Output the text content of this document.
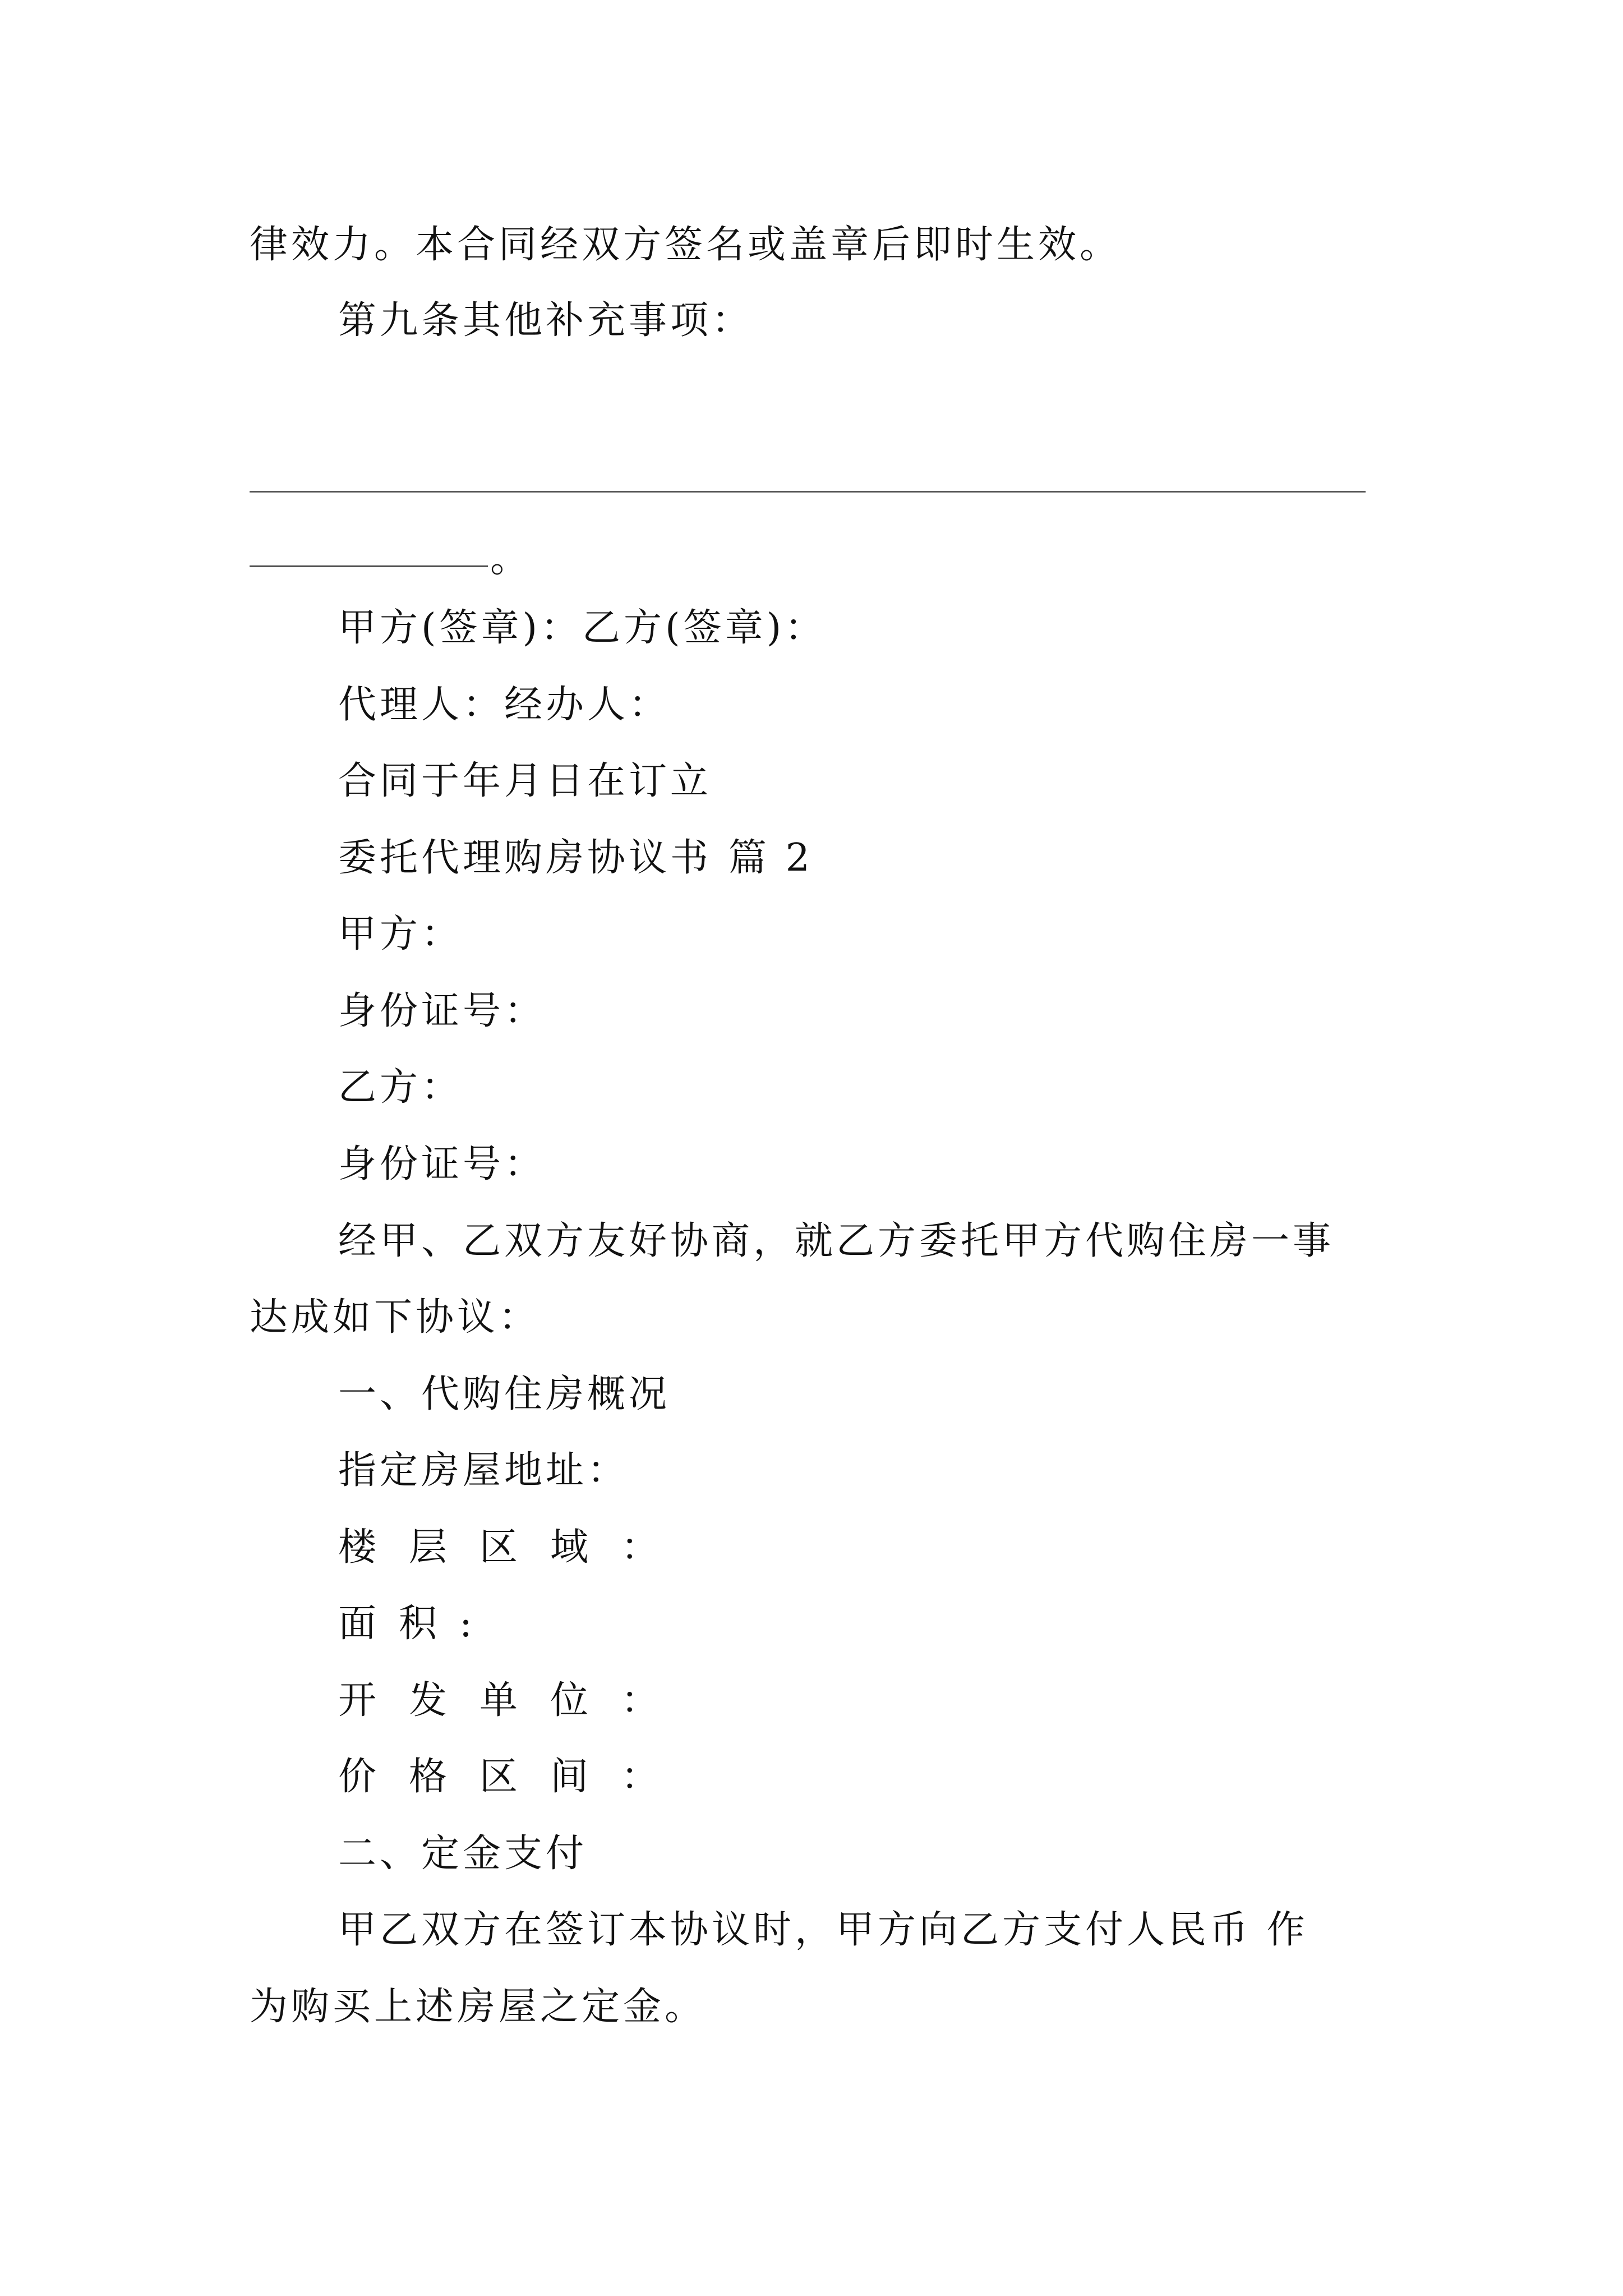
律效力。本合同经双方签名或盖章后即时生效。
第九条其他补充事项：
。
甲方(签章)：乙方(签章)：
代理人：经办人：
合同于年月日在订立
委托代理购房协议书 篇 2
甲方：
身份证号：
乙方：
身份证号：
经甲、乙双方友好协商，就乙方委托甲方代购住房一事
达成如下协议：
一、代购住房概况
指定房屋地址：
楼层区域：
面积:
开发单位：
价格区间：
二、定金支付
甲乙双方在签订本协议时，甲方向乙方支付人民币 作
为购买上述房屋之定金。
